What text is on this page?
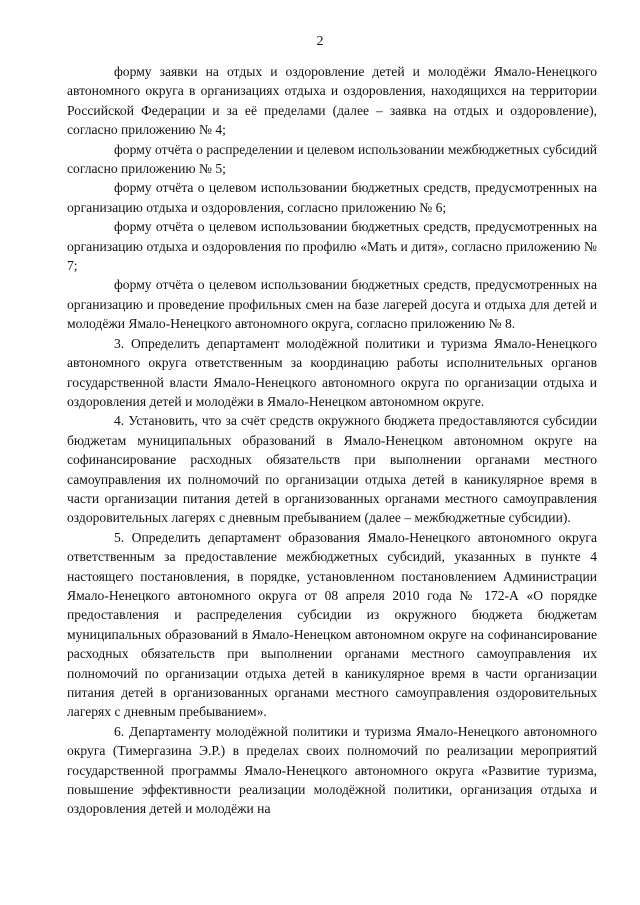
2

форму заявки на отдых и оздоровление детей и молодёжи Ямало-Ненецкого автономного округа в организациях отдыха и оздоровления, находящихся на территории Российской Федерации и за её пределами (далее – заявка на отдых и оздоровление), согласно приложению № 4;

форму отчёта о распределении и целевом использовании межбюджетных субсидий согласно приложению № 5;

форму отчёта о целевом использовании бюджетных средств, предусмотренных на организацию отдыха и оздоровления, согласно приложению № 6;

форму отчёта о целевом использовании бюджетных средств, предусмотренных на организацию отдыха и оздоровления по профилю «Мать и дитя», согласно приложению № 7;

форму отчёта о целевом использовании бюджетных средств, предусмотренных на организацию и проведение профильных смен на базе лагерей досуга и отдыха для детей и молодёжи Ямало-Ненецкого автономного округа, согласно приложению № 8.

3. Определить департамент молодёжной политики и туризма Ямало-Ненецкого автономного округа ответственным за координацию работы исполнительных органов государственной власти Ямало-Ненецкого автономного округа по организации отдыха и оздоровления детей и молодёжи в Ямало-Ненецком автономном округе.

4. Установить, что за счёт средств окружного бюджета предоставляются субсидии бюджетам муниципальных образований в Ямало-Ненецком автономном округе на софинансирование расходных обязательств при выполнении органами местного самоуправления их полномочий по организации отдыха детей в каникулярное время в части организации питания детей в организованных органами местного самоуправления оздоровительных лагерях с дневным пребыванием (далее – межбюджетные субсидии).

5. Определить департамент образования Ямало-Ненецкого автономного округа ответственным за предоставление межбюджетных субсидий, указанных в пункте 4 настоящего постановления, в порядке, установленном постановлением Администрации Ямало-Ненецкого автономного округа от 08 апреля 2010 года № 172-А «О порядке предоставления и распределения субсидии из окружного бюджета бюджетам муниципальных образований в Ямало-Ненецком автономном округе на софинансирование расходных обязательств при выполнении органами местного самоуправления их полномочий по организации отдыха детей в каникулярное время в части организации питания детей в организованных органами местного самоуправления оздоровительных лагерях с дневным пребыванием».

6. Департаменту молодёжной политики и туризма Ямало-Ненецкого автономного округа (Тимергазина Э.Р.) в пределах своих полномочий по реализации мероприятий государственной программы Ямало-Ненецкого автономного округа «Развитие туризма, повышение эффективности реализации молодёжной политики, организация отдыха и оздоровления детей и молодёжи на
